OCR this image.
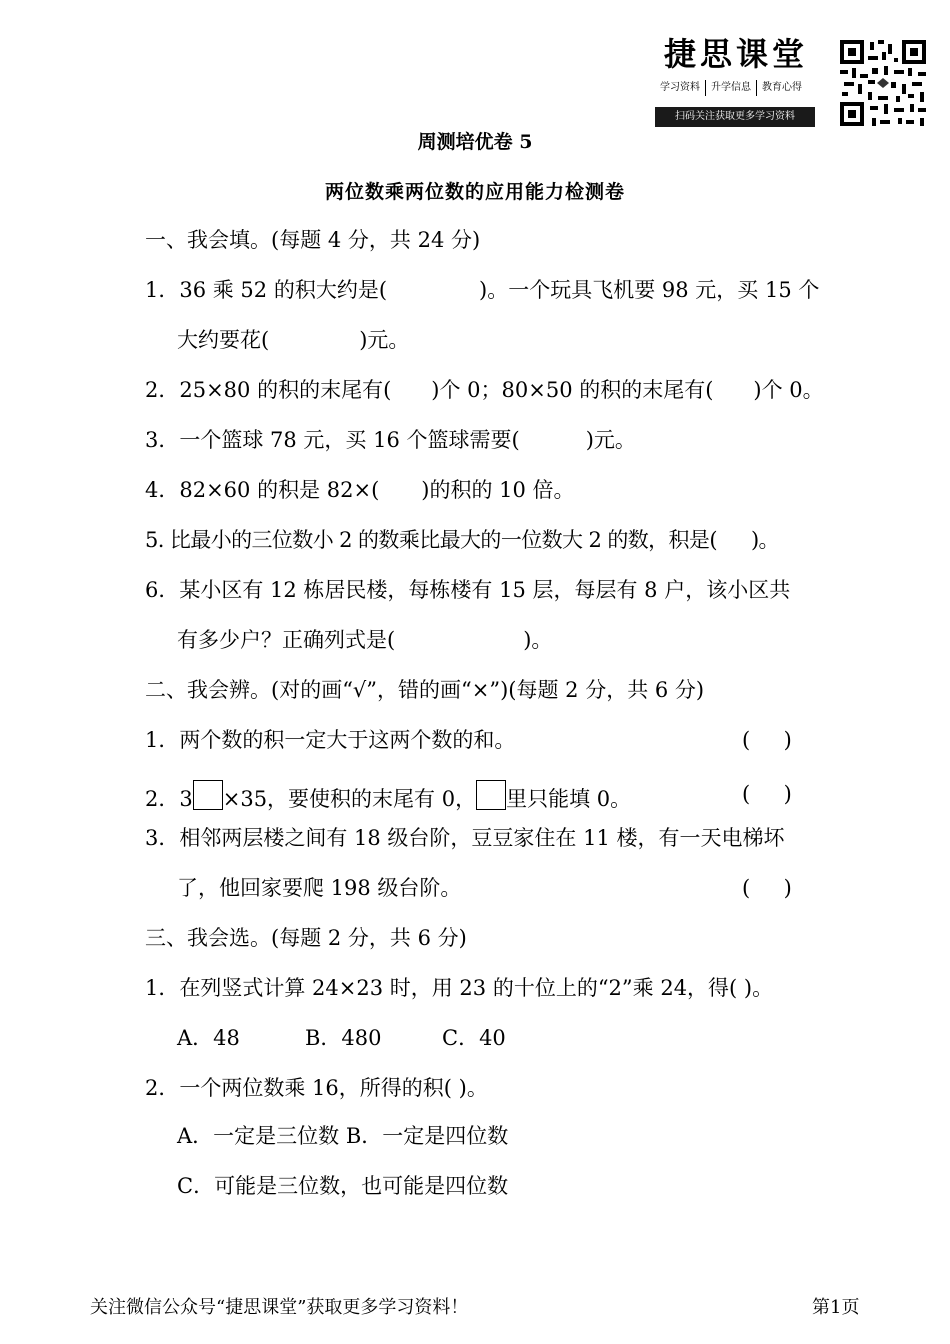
捷思课堂
学习资料	升学信息	教育心得
扫码关注获取更多学习资料
周测培优卷 5
两位数乘两位数的应用能力检测卷
一、我会填。(每题 4 分，共 24 分)
1．36 乘 52 的积大约是(	)。一个玩具飞机要 98 元，买 15 个
大约要花(	)元。
2．25×80 的积的末尾有( )个 0；80×50 的积的末尾有( )个 0。
3．一个篮球 78 元，买 16 个篮球需要(	)元。
4．82×60 的积是 82×( )的积的 10 倍。
5. 比最小的三位数小 2 的数乘比最大的一位数大 2 的数，积是( )。
6．某小区有 12 栋居民楼，每栋楼有 15 层，每层有 8 户，该小区共
有多少户？正确列式是(	)。
二、我会辨。(对的画“√”，错的画“×”)(每题 2 分，共 6 分)
1．两个数的积一定大于这两个数的和。	(     )
2．3 ×35，要使积的末尾有 0， 里只能填 0。	(     )
3．相邻两层楼之间有 18 级台阶，豆豆家住在 11 楼，有一天电梯坏
了，他回家要爬 198 级台阶。	(     )
三、我会选。(每题 2 分，共 6 分)
1．在列竖式计算 24×23 时，用 23 的十位上的“2”乘 24，得( )。
A．48	B．480	C．40
2．一个两位数乘 16，所得的积( )。
A．一定是三位数 B．一定是四位数
C．可能是三位数，也可能是四位数
关注微信公众号“捷思课堂”获取更多学习资料！	第1页
